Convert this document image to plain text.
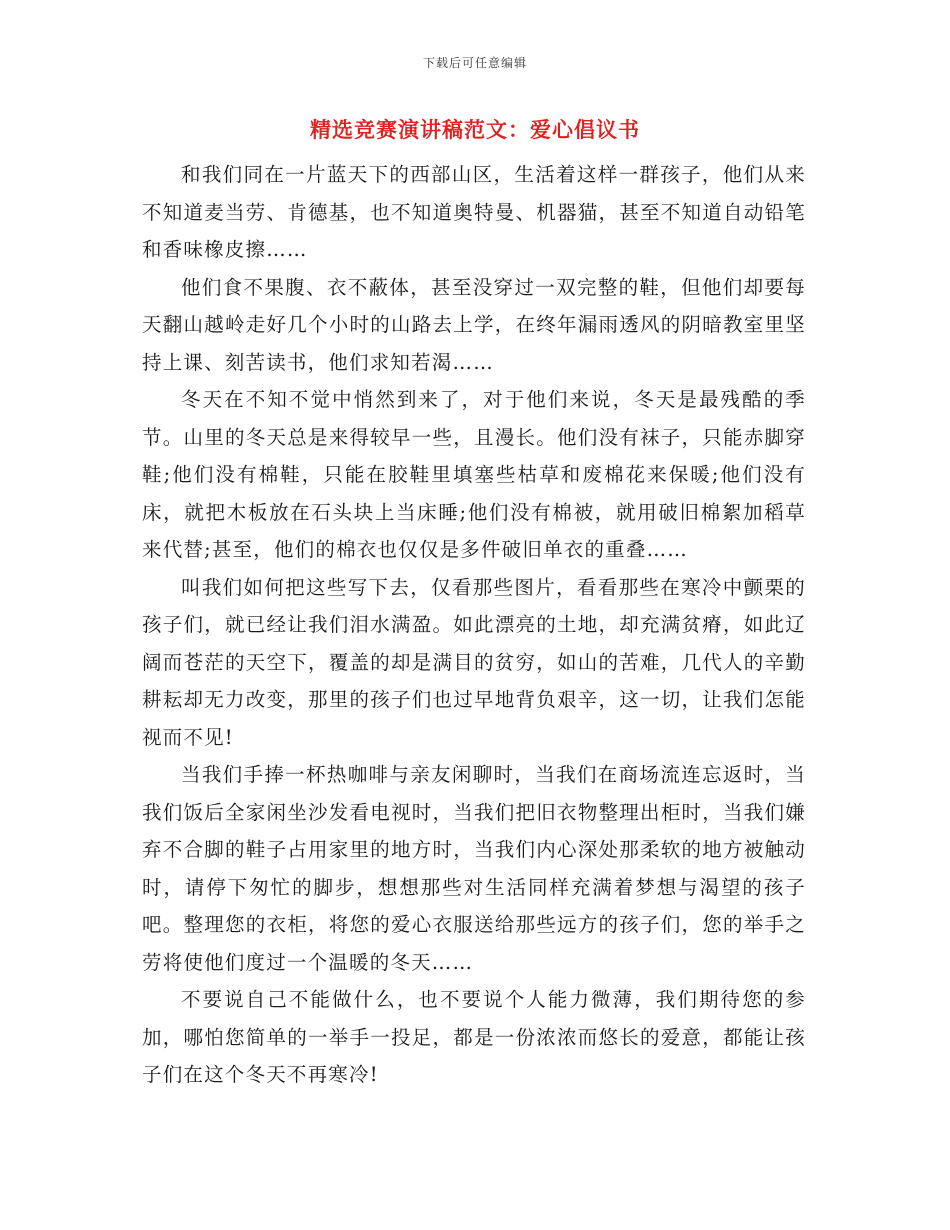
下载后可任意编辑
精选竞赛演讲稿范文：爱心倡议书

和我们同在一片蓝天下的西部山区，生活着这样一群孩子，他们从来不知道麦当劳、肯德基，也不知道奥特曼、机器猫，甚至不知道自动铅笔和香味橡皮擦……

他们食不果腹、衣不蔽体，甚至没穿过一双完整的鞋，但他们却要每天翻山越岭走好几个小时的山路去上学，在终年漏雨透风的阴暗教室里坚持上课、刻苦读书，他们求知若渴……

冬天在不知不觉中悄然到来了，对于他们来说，冬天是最残酷的季节。山里的冬天总是来得较早一些，且漫长。他们没有袜子，只能赤脚穿鞋;他们没有棉鞋，只能在胶鞋里填塞些枯草和废棉花来保暖;他们没有床，就把木板放在石头块上当床睡;他们没有棉被，就用破旧棉絮加稻草来代替;甚至，他们的棉衣也仅仅是多件破旧单衣的重叠……

叫我们如何把这些写下去，仅看那些图片，看看那些在寒冷中颤栗的孩子们，就已经让我们泪水满盈。如此漂亮的土地，却充满贫瘠，如此辽阔而苍茫的天空下，覆盖的却是满目的贫穷，如山的苦难，几代人的辛勤耕耘却无力改变，那里的孩子们也过早地背负艰辛，这一切，让我们怎能视而不见!

当我们手捧一杯热咖啡与亲友闲聊时，当我们在商场流连忘返时，当我们饭后全家闲坐沙发看电视时，当我们把旧衣物整理出柜时，当我们嫌弃不合脚的鞋子占用家里的地方时，当我们内心深处那柔软的地方被触动时，请停下匆忙的脚步，想想那些对生活同样充满着梦想与渴望的孩子吧。整理您的衣柜，将您的爱心衣服送给那些远方的孩子们，您的举手之劳将使他们度过一个温暖的冬天……

不要说自己不能做什么，也不要说个人能力微薄，我们期待您的参加，哪怕您简单的一举手一投足，都是一份浓浓而悠长的爱意，都能让孩子们在这个冬天不再寒冷!
